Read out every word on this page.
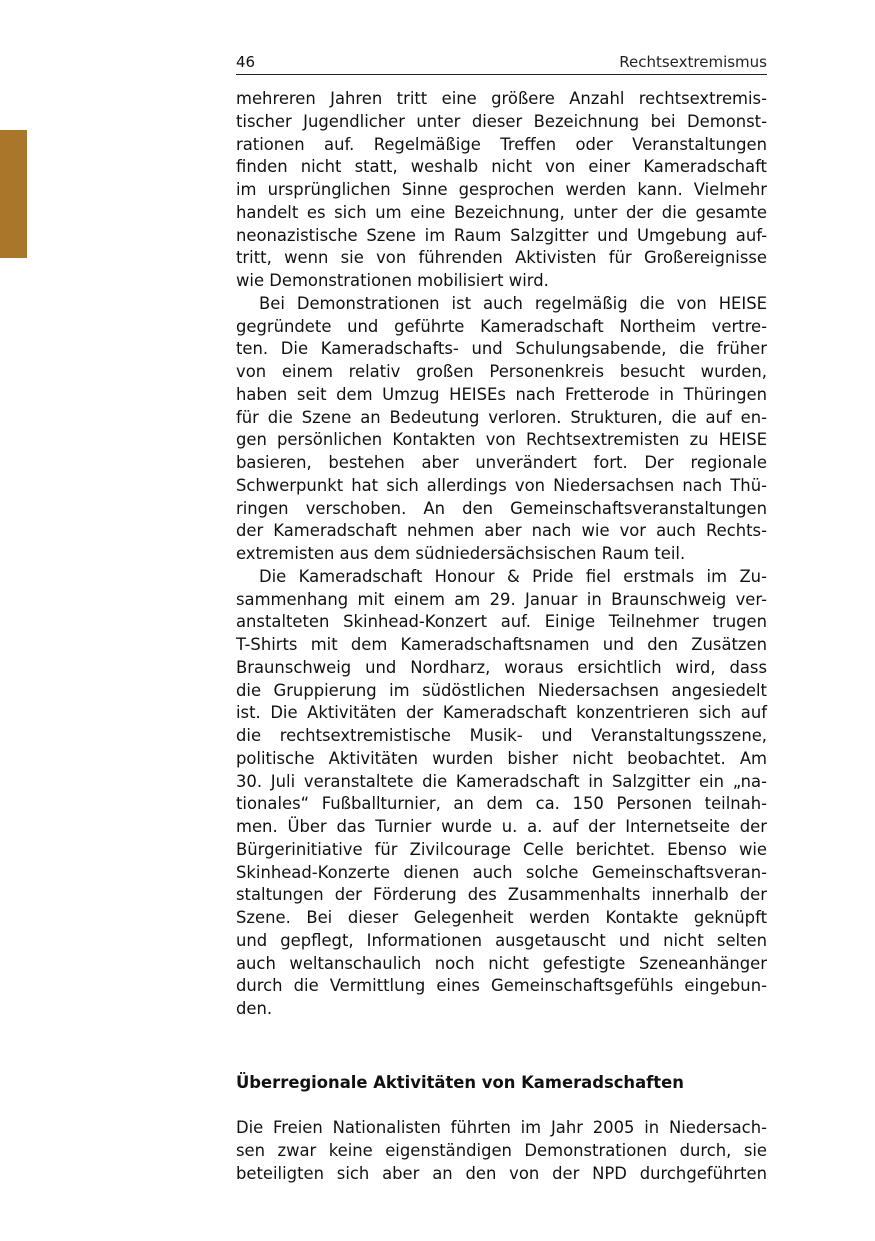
46	Rechtsextremismus
mehreren Jahren tritt eine größere Anzahl rechtsextremis-
tischer Jugendlicher unter dieser Bezeichnung bei Demonst-
rationen auf. Regelmäßige Treffen oder Veranstaltungen
finden nicht statt, weshalb nicht von einer Kameradschaft
im ursprünglichen Sinne gesprochen werden kann. Vielmehr
handelt es sich um eine Bezeichnung, unter der die gesamte
neonazistische Szene im Raum Salzgitter und Umgebung auf-
tritt, wenn sie von führenden Aktivisten für Großereignisse
wie Demonstrationen mobilisiert wird.
Bei Demonstrationen ist auch regelmäßig die von HEISE
gegründete und geführte Kameradschaft Northeim vertre-
ten. Die Kameradschafts- und Schulungsabende, die früher
von einem relativ großen Personenkreis besucht wurden,
haben seit dem Umzug HEISEs nach Fretterode in Thüringen
für die Szene an Bedeutung verloren. Strukturen, die auf en-
gen persönlichen Kontakten von Rechtsextremisten zu HEISE
basieren, bestehen aber unverändert fort. Der regionale
Schwerpunkt hat sich allerdings von Niedersachsen nach Thü-
ringen verschoben. An den Gemeinschaftsveranstaltungen
der Kameradschaft nehmen aber nach wie vor auch Rechts-
extremisten aus dem südniedersächsischen Raum teil.
Die Kameradschaft Honour & Pride fiel erstmals im Zu-
sammenhang mit einem am 29. Januar in Braunschweig ver-
anstalteten Skinhead-Konzert auf. Einige Teilnehmer trugen
T-Shirts mit dem Kameradschaftsnamen und den Zusätzen
Braunschweig und Nordharz, woraus ersichtlich wird, dass
die Gruppierung im südöstlichen Niedersachsen angesiedelt
ist. Die Aktivitäten der Kameradschaft konzentrieren sich auf
die rechtsextremistische Musik- und Veranstaltungsszene,
politische Aktivitäten wurden bisher nicht beobachtet. Am
30. Juli veranstaltete die Kameradschaft in Salzgitter ein „na-
tionales“ Fußballturnier, an dem ca. 150 Personen teilnah-
men. Über das Turnier wurde u. a. auf der Internetseite der
Bürgerinitiative für Zivilcourage Celle berichtet. Ebenso wie
Skinhead-Konzerte dienen auch solche Gemeinschaftsveran-
staltungen der Förderung des Zusammenhalts innerhalb der
Szene. Bei dieser Gelegenheit werden Kontakte geknüpft
und gepflegt, Informationen ausgetauscht und nicht selten
auch weltanschaulich noch nicht gefestigte Szeneanhänger
durch die Vermittlung eines Gemeinschaftsgefühls eingebun-
den.
Überregionale Aktivitäten von Kameradschaften
Die Freien Nationalisten führten im Jahr 2005 in Niedersach-
sen zwar keine eigenständigen Demonstrationen durch, sie
beteiligten sich aber an den von der NPD durchgeführten
